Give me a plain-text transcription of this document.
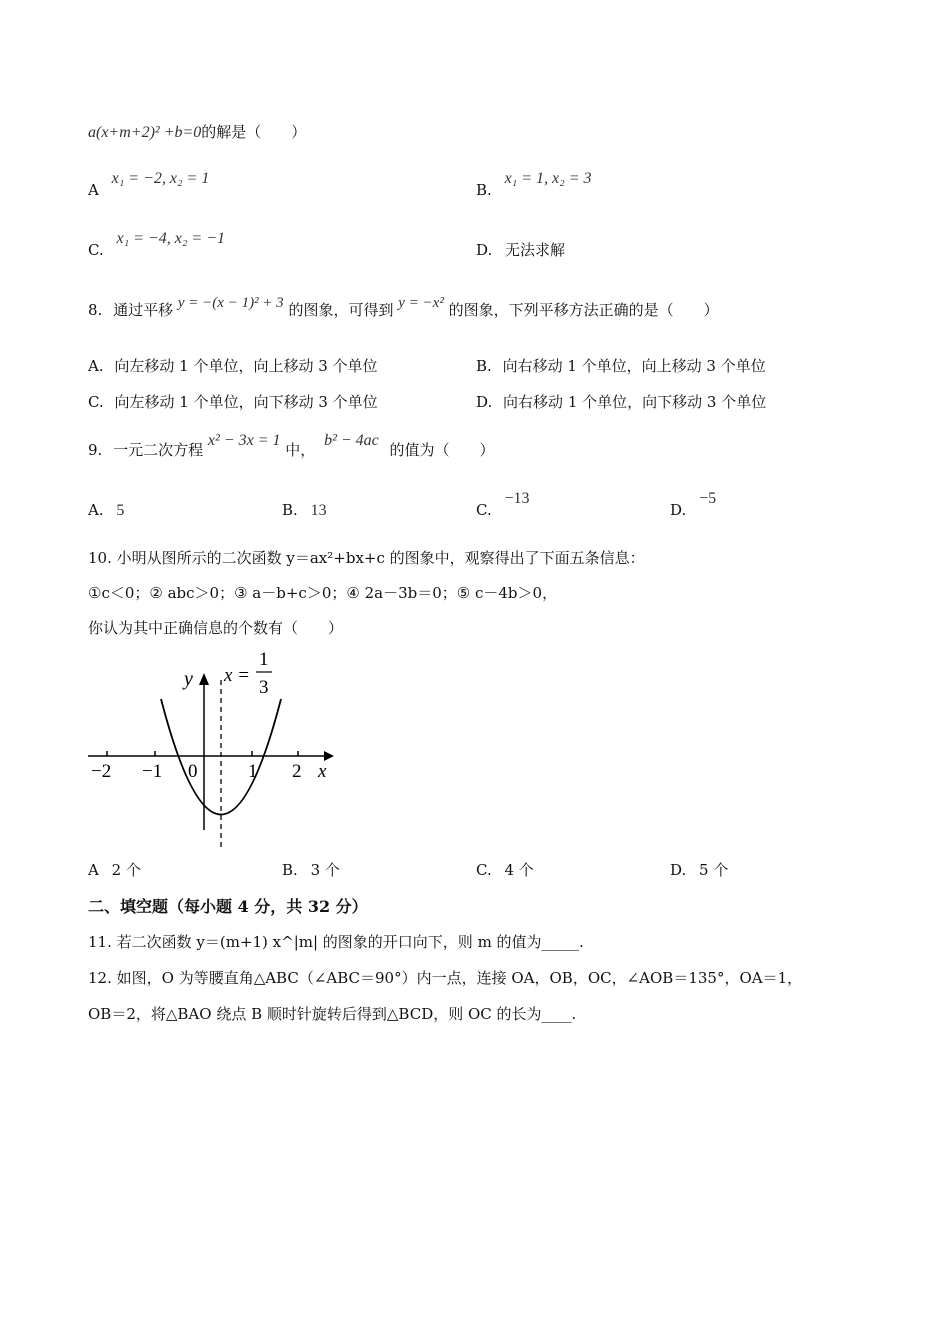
a(x+m+2)² +b=0的解是（　　）
A x₁ = −2, x₂ = 1
B. x₁ = 1, x₂ = 3
C. x₁ = −4, x₂ = −1
D. 无法求解
8. 通过平移 y = −(x − 1)² + 3 的图象，可得到 y = −x² 的图象，下列平移方法正确的是（　　）
A. 向左移动 1 个单位，向上移动 3 个单位	B. 向右移动 1 个单位，向上移动 3 个单位
C. 向左移动 1 个单位，向下移动 3 个单位	D. 向右移动 1 个单位，向下移动 3 个单位
9. 一元二次方程 x² − 3x = 1 中， b² − 4ac 的值为（　　）
A. 5	B. 13	C. −13
D. −5
10. 小明从图所示的二次函数 y＝ax²+bx+c 的图象中，观察得出了下面五条信息：
①c＜0；② abc＞0；③ a－b+c＞0；④ 2a－3b＝0；⑤ c－4b＞0，
你认为其中正确信息的个数有（　　）
y
x
x =
1
3
−2 −1 0	1 2
A 2 个	B. 3 个	C. 4 个	D. 5 个
二、填空题（每小题 4 分，共 32 分）
11. 若二次函数 y＝(m+1) x^|m| 的图象的开口向下，则 m 的值为_____.
12. 如图，O 为等腰直角△ABC（∠ABC＝90°）内一点，连接 OA，OB，OC，∠AOB＝135°，OA＝1，
OB＝2，将△BAO 绕点 B 顺时针旋转后得到△BCD，则 OC 的长为____.
